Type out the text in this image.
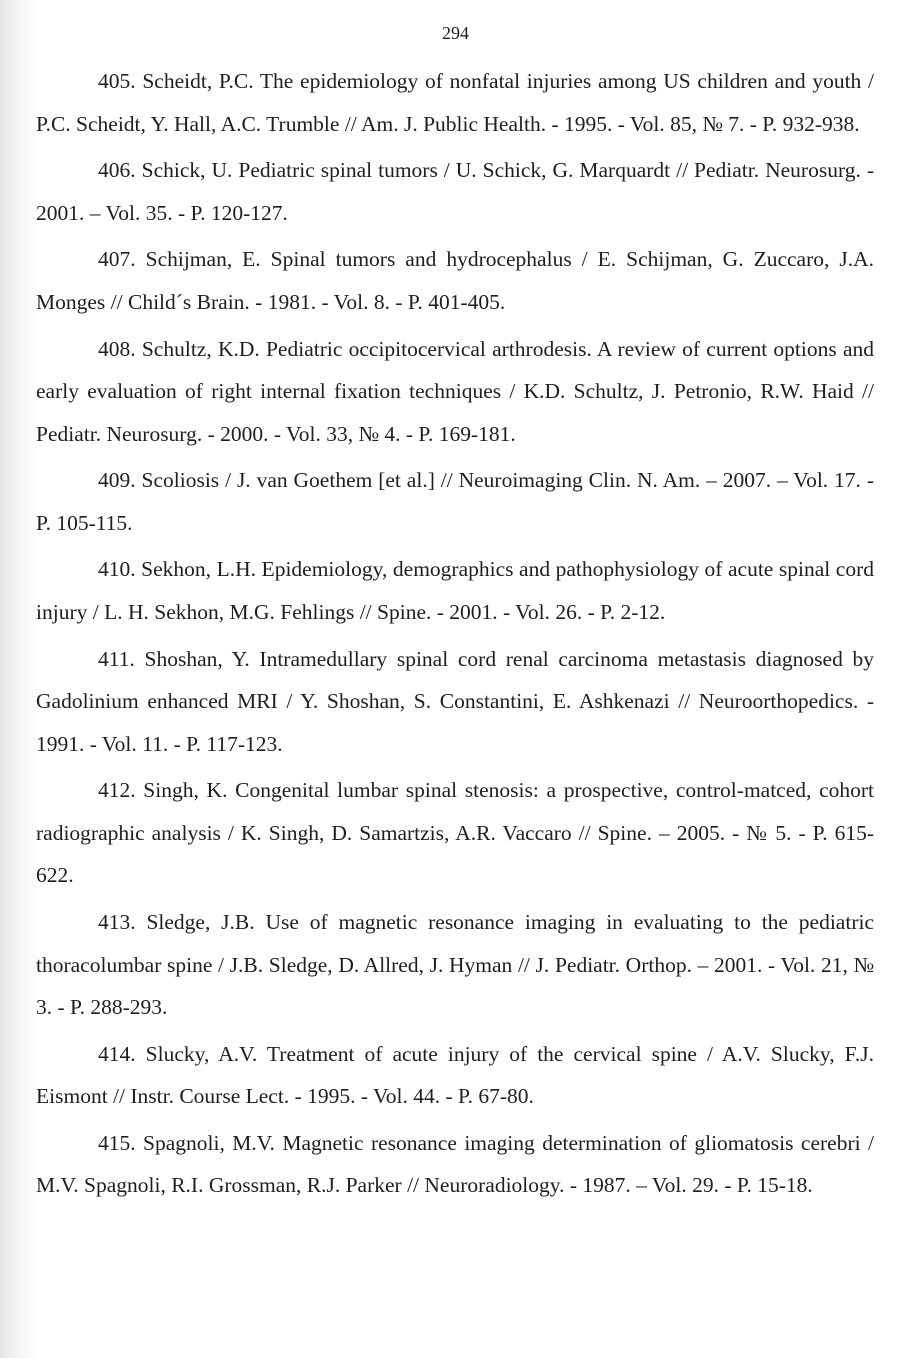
294

405. Scheidt, P.C. The epidemiology of nonfatal injuries among US children and youth / P.C. Scheidt, Y. Hall, A.C. Trumble // Am. J. Public Health. - 1995. - Vol. 85, № 7. - P. 932-938.

406. Schick, U. Pediatric spinal tumors / U. Schick, G. Marquardt // Pediatr. Neurosurg. - 2001. – Vol. 35. - P. 120-127.

407. Schijman, E. Spinal tumors and hydrocephalus / E. Schijman, G. Zuccaro, J.A. Monges // Child´s Brain. - 1981. - Vol. 8. - P. 401-405.

408. Schultz, K.D. Pediatric occipitocervical arthrodesis. A review of current options and early evaluation of right internal fixation techniques / K.D. Schultz, J. Petronio, R.W. Haid // Pediatr. Neurosurg. - 2000. - Vol. 33, № 4. - P. 169-181.

409. Scoliosis / J. van Goethem [et al.] // Neuroimaging Clin. N. Am. – 2007. – Vol. 17. - P. 105-115.

410. Sekhon, L.H. Epidemiology, demographics and pathophysiology of acute spinal cord injury / L. H. Sekhon, M.G. Fehlings // Spine. - 2001. - Vol. 26. - P. 2-12.

411. Shoshan, Y. Intramedullary spinal cord renal carcinoma metastasis diagnosed by Gadolinium enhanced MRI / Y. Shoshan, S. Constantini, E. Ashkenazi // Neuroorthopedics. - 1991. - Vol. 11. - P. 117-123.

412. Singh, K. Congenital lumbar spinal stenosis: a prospective, control-matced, cohort radiographic analysis / K. Singh, D. Samartzis, A.R. Vaccaro // Spine. – 2005. - № 5. - P. 615-622.

413. Sledge, J.B. Use of magnetic resonance imaging in evaluating to the pediatric thoracolumbar spine / J.B. Sledge, D. Allred, J. Hyman // J. Pediatr. Orthop. – 2001. - Vol. 21, № 3. - P. 288-293.

414. Slucky, A.V. Treatment of acute injury of the cervical spine / A.V. Slucky, F.J. Eismont // Instr. Course Lect. - 1995. - Vol. 44. - P. 67-80.

415. Spagnoli, M.V. Magnetic resonance imaging determination of gliomatosis cerebri / M.V. Spagnoli, R.I. Grossman, R.J. Parker // Neuroradiology. - 1987. – Vol. 29. - P. 15-18.
